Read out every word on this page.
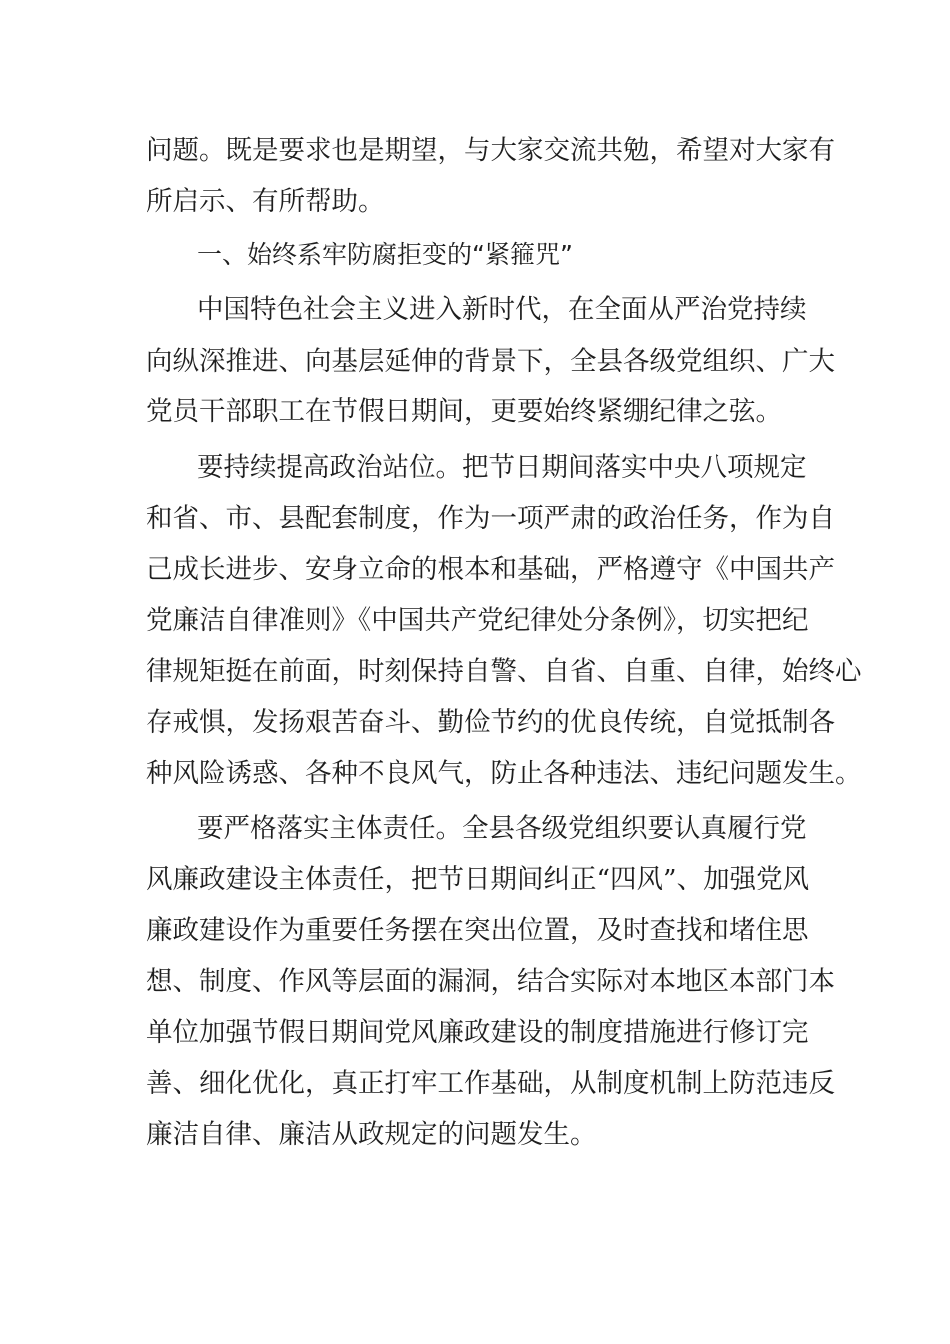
问题。既是要求也是期望，与大家交流共勉，希望对大家有
所启示、有所帮助。
一、始终系牢防腐拒变的“紧箍咒”
中国特色社会主义进入新时代，在全面从严治党持续
向纵深推进、向基层延伸的背景下，全县各级党组织、广大
党员干部职工在节假日期间，更要始终紧绷纪律之弦。
要持续提高政治站位。把节日期间落实中央八项规定
和省、市、县配套制度，作为一项严肃的政治任务，作为自
己成长进步、安身立命的根本和基础，严格遵守《中国共产
党廉洁自律准则》《中国共产党纪律处分条例》，切实把纪
律规矩挺在前面，时刻保持自警、自省、自重、自律，始终心
存戒惧，发扬艰苦奋斗、勤俭节约的优良传统，自觉抵制各
种风险诱惑、各种不良风气，防止各种违法、违纪问题发生。
要严格落实主体责任。全县各级党组织要认真履行党
风廉政建设主体责任，把节日期间纠正“四风”、加强党风
廉政建设作为重要任务摆在突出位置，及时查找和堵住思
想、制度、作风等层面的漏洞，结合实际对本地区本部门本
单位加强节假日期间党风廉政建设的制度措施进行修订完
善、细化优化，真正打牢工作基础，从制度机制上防范违反
廉洁自律、廉洁从政规定的问题发生。
